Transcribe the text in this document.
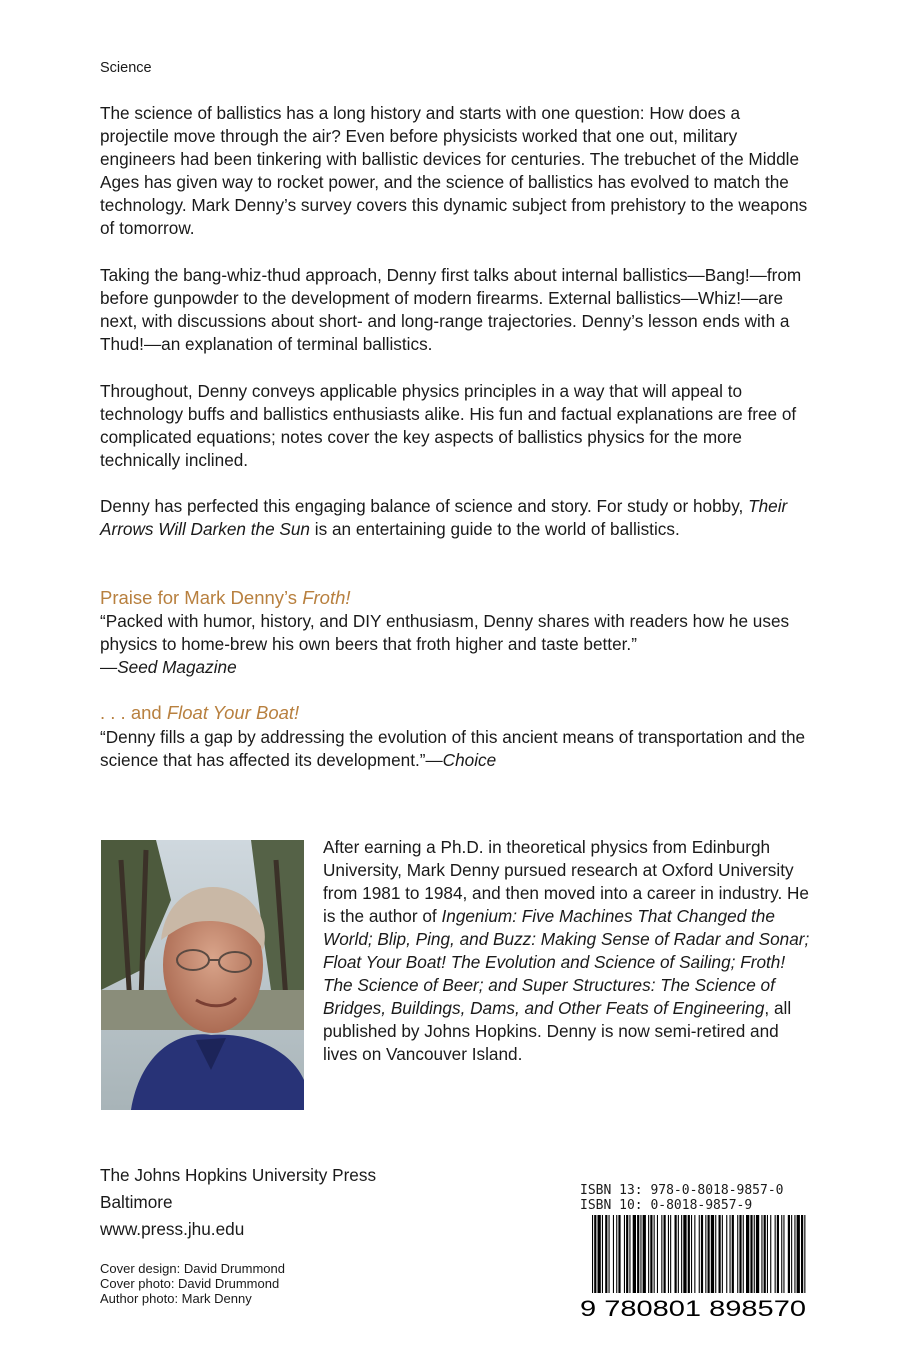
Science

The science of ballistics has a long history and starts with one question: How does a projectile move through the air? Even before physicists worked that one out, military engineers had been tinkering with ballistic devices for centuries. The trebuchet of the Middle Ages has given way to rocket power, and the science of ballistics has evolved to match the technology. Mark Denny’s survey covers this dynamic subject from prehistory to the weapons of tomorrow.

Taking the bang-whiz-thud approach, Denny first talks about internal ballistics—Bang!—from before gunpowder to the development of modern firearms. External ballistics—Whiz!—are next, with discussions about short- and long-range trajectories. Denny’s lesson ends with a Thud!—an explanation of terminal ballistics.

Throughout, Denny conveys applicable physics principles in a way that will appeal to technology buffs and ballistics enthusiasts alike. His fun and factual explanations are free of complicated equations; notes cover the key aspects of ballistics physics for the more technically inclined.

Denny has perfected this engaging balance of science and story. For study or hobby, Their Arrows Will Darken the Sun is an entertaining guide to the world of ballistics.

Praise for Mark Denny’s Froth!

“Packed with humor, history, and DIY enthusiasm, Denny shares with readers how he uses physics to home-brew his own beers that froth higher and taste better.”
—Seed Magazine

. . . and Float Your Boat!

“Denny fills a gap by addressing the evolution of this ancient means of transportation and the science that has affected its development.”—Choice

After earning a Ph.D. in theoretical physics from Edinburgh University, Mark Denny pursued research at Oxford University from 1981 to 1984, and then moved into a career in industry. He is the author of Ingenium: Five Machines That Changed the World; Blip, Ping, and Buzz: Making Sense of Radar and Sonar; Float Your Boat! The Evolution and Science of Sailing; Froth! The Science of Beer; and Super Structures: The Science of Bridges, Buildings, Dams, and Other Feats of Engineering, all published by Johns Hopkins. Denny is now semi-retired and lives on Vancouver Island.

The Johns Hopkins University Press
Baltimore
www.press.jhu.edu
Cover design: David Drummond
Cover photo: David Drummond
Author photo: Mark Denny
ISBN 13: 978-0-8018-9857-0
ISBN 10: 0-8018-9857-9
9 780801 898570
